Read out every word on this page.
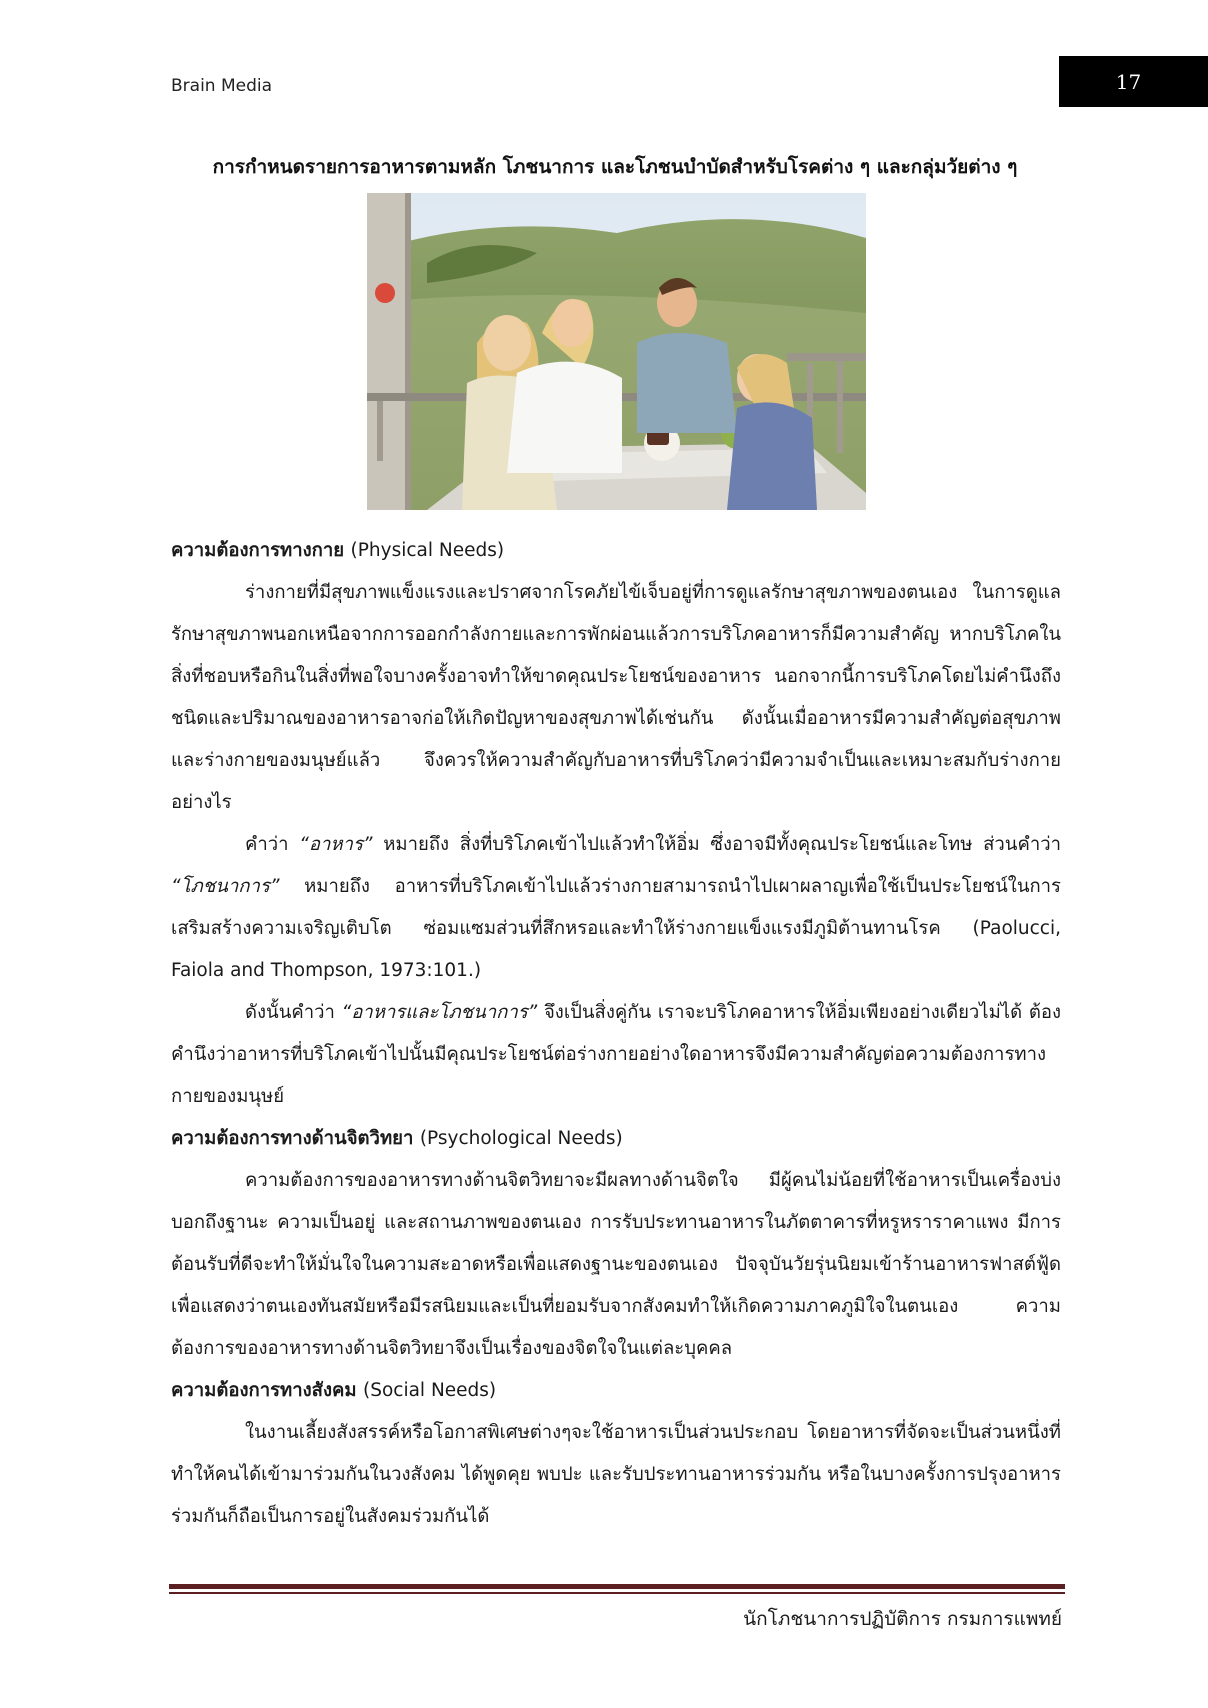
Brain Media	17
การกำหนดรายการอาหารตามหลัก โภชนาการ และโภชนบำบัดสำหรับโรคต่าง ๆ และกลุ่มวัยต่าง ๆ

ความต้องการทางกาย (Physical Needs)

ร่างกายที่มีสุขภาพแข็งแรงและปราศจากโรคภัยไข้เจ็บอยู่ที่การดูแลรักษาสุขภาพของตนเอง ในการดูแลรักษาสุขภาพนอกเหนือจากการออกกำลังกายและการพักผ่อนแล้วการบริโภคอาหารก็มีความสำคัญ หากบริโภคในสิ่งที่ชอบหรือกินในสิ่งที่พอใจบางครั้งอาจทำให้ขาดคุณประโยชน์ของอาหาร นอกจากนี้การบริโภคโดยไม่คำนึงถึงชนิดและปริมาณของอาหารอาจก่อให้เกิดปัญหาของสุขภาพได้เช่นกัน ดังนั้นเมื่ออาหารมีความสำคัญต่อสุขภาพและร่างกายของมนุษย์แล้ว จึงควรให้ความสำคัญกับอาหารที่บริโภคว่ามีความจำเป็นและเหมาะสมกับร่างกายอย่างไร

คำว่า “อาหาร” หมายถึง สิ่งที่บริโภคเข้าไปแล้วทำให้อิ่ม ซึ่งอาจมีทั้งคุณประโยชน์และโทษ ส่วนคำว่า “โภชนาการ” หมายถึง อาหารที่บริโภคเข้าไปแล้วร่างกายสามารถนำไปเผาผลาญเพื่อใช้เป็นประโยชน์ในการเสริมสร้างความเจริญเติบโต ซ่อมแซมส่วนที่สึกหรอและทำให้ร่างกายแข็งแรงมีภูมิต้านทานโรค (Paolucci, Faiola and Thompson, 1973:101.)

ดังนั้นคำว่า “อาหารและโภชนาการ” จึงเป็นสิ่งคู่กัน เราจะบริโภคอาหารให้อิ่มเพียงอย่างเดียวไม่ได้ ต้องคำนึงว่าอาหารที่บริโภคเข้าไปนั้นมีคุณประโยชน์ต่อร่างกายอย่างใดอาหารจึงมีความสำคัญต่อความต้องการทางกายของมนุษย์

ความต้องการทางด้านจิตวิทยา (Psychological Needs)

ความต้องการของอาหารทางด้านจิตวิทยาจะมีผลทางด้านจิตใจ มีผู้คนไม่น้อยที่ใช้อาหารเป็นเครื่องบ่งบอกถึงฐานะ ความเป็นอยู่ และสถานภาพของตนเอง การรับประทานอาหารในภัตตาคารที่หรูหราราคาแพง มีการต้อนรับที่ดีจะทำให้มั่นใจในความสะอาดหรือเพื่อแสดงฐานะของตนเอง ปัจจุบันวัยรุ่นนิยมเข้าร้านอาหารฟาสต์ฟู้ดเพื่อแสดงว่าตนเองทันสมัยหรือมีรสนิยมและเป็นที่ยอมรับจากสังคมทำให้เกิดความภาคภูมิใจในตนเอง ความต้องการของอาหารทางด้านจิตวิทยาจึงเป็นเรื่องของจิตใจในแต่ละบุคคล

ความต้องการทางสังคม (Social Needs)

ในงานเลี้ยงสังสรรค์หรือโอกาสพิเศษต่างๆจะใช้อาหารเป็นส่วนประกอบ โดยอาหารที่จัดจะเป็นส่วนหนึ่งที่ทำให้คนได้เข้ามาร่วมกันในวงสังคม ได้พูดคุย พบปะ และรับประทานอาหารร่วมกัน หรือในบางครั้งการปรุงอาหารร่วมกันก็ถือเป็นการอยู่ในสังคมร่วมกันได้

นักโภชนาการปฏิบัติการ กรมการแพทย์
